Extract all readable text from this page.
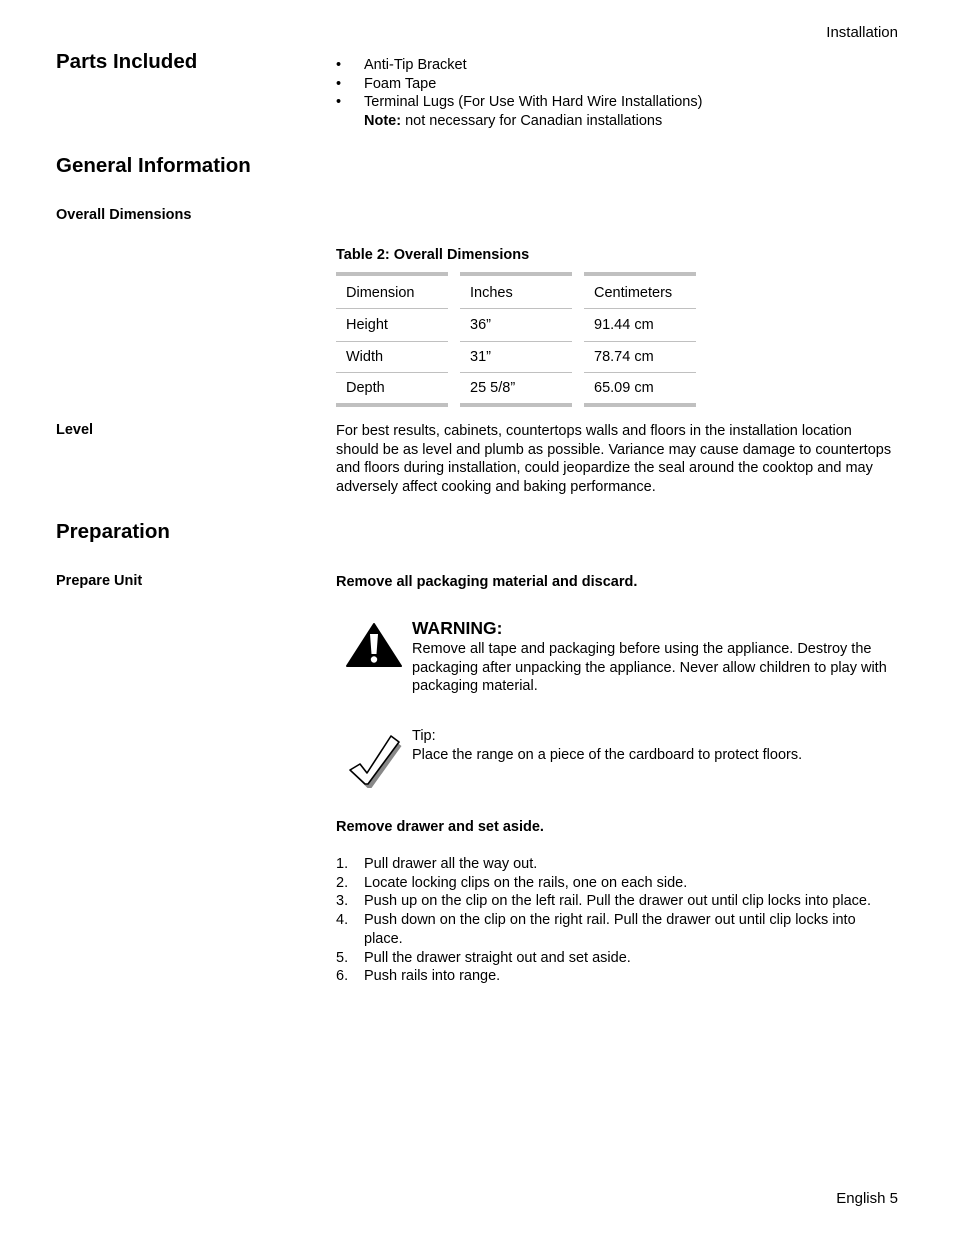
Installation
Parts Included	•	Anti-Tip Bracket
•	Foam Tape
•	Terminal Lugs (For Use With Hard Wire Installations)
Note: not necessary for Canadian installations
General Information
Overall Dimensions
Table 2: Overall Dimensions
Dimension	Inches	Centimeters
Height	36”	91.44 cm
Width	31”	78.74 cm
Depth	25 5/8”	65.09 cm
Level	For best results, cabinets, countertops walls and floors in the installation location should be as level and plumb as possible. Variance may cause damage to countertops and floors during installation, could jeopardize the seal around the cooktop and may adversely affect cooking and baking performance.
Preparation
Prepare Unit	Remove all packaging material and discard.
WARNING:
Remove all tape and packaging before using the appliance. Destroy the packaging after unpacking the appliance. Never allow children to play with packaging material.
Tip:
Place the range on a piece of the cardboard to protect floors.
Remove drawer and set aside.
1. Pull drawer all the way out.
2. Locate locking clips on the rails, one on each side.
3. Push up on the clip on the left rail. Pull the drawer out until clip locks into place.
4. Push down on the clip on the right rail. Pull the drawer out until clip locks into place.
5. Pull the drawer straight out and set aside.
6. Push rails into range.
English 5
